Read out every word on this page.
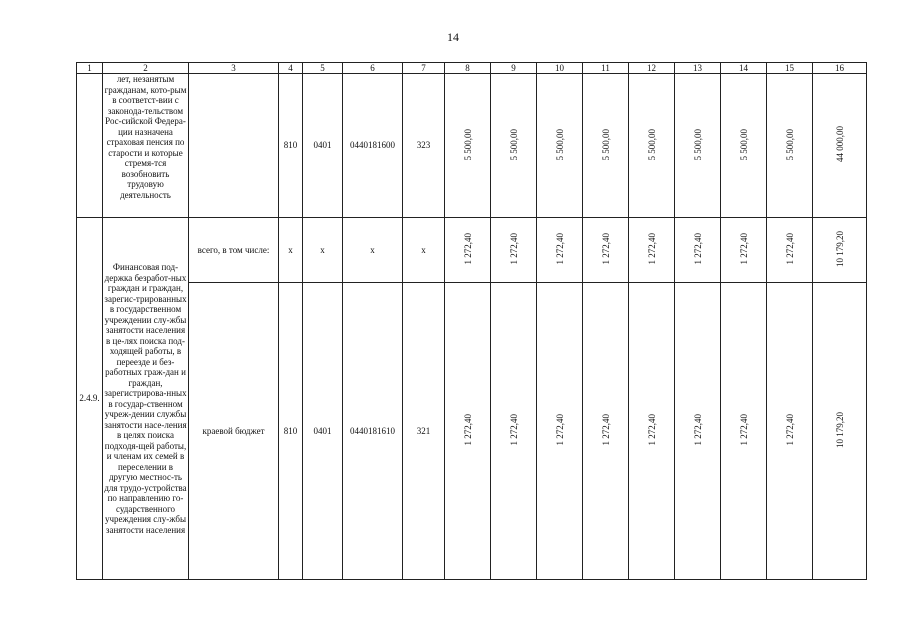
14
1	2	3	4	5	6	7	8	9	10	11	12	13	14	15	16
	лет, незанятым гражданам, кото-рым в соответст-вии с законода-тельством Рос-сийской Федера-ции назначена страховая пенсия по старости и которые стремя-тся возобновить трудовую деятельность		810	0401	0440181600	323	5 500,00	5 500,00	5 500,00	5 500,00	5 500,00	5 500,00	5 500,00	5 500,00	44 000,00
2.4.9.	Финансовая под-держка безработ-ных граждан и граждан, зарегис-трированных в государственном учреждении слу-жбы занятости населения в це-лях поиска под-ходящей работы, в переезде и без-работных граж-дан и граждан, зарегистрирова-нных в государ-ственном учреж-дении службы занятости насе-ления в целях поиска подходя-щей работы, и членам их семей в переселении в другую местнос-ть для трудо-устройства по направлению го-сударственного учреждения слу-жбы занятости населения	всего, в том числе:	х	х	х	х	1 272,40	1 272,40	1 272,40	1 272,40	1 272,40	1 272,40	1 272,40	1 272,40	10 179,20
		краевой бюджет	810	0401	0440181610	321	1 272,40	1 272,40	1 272,40	1 272,40	1 272,40	1 272,40	1 272,40	1 272,40	10 179,20
